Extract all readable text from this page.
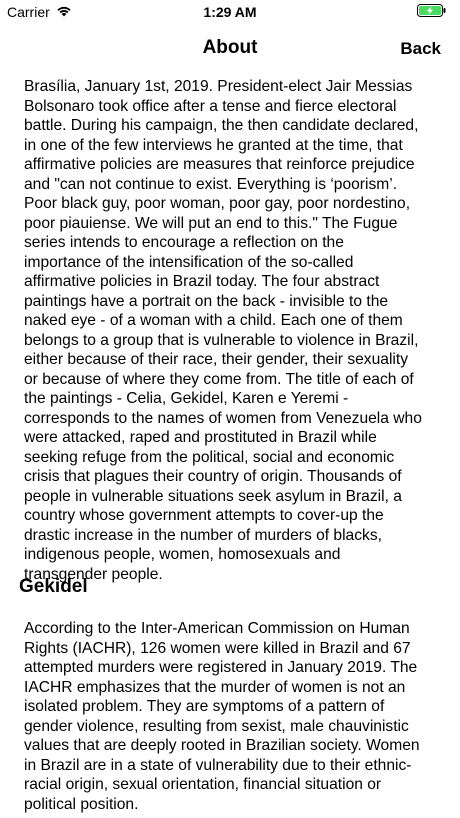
Carrier	1:29 AM
About	Back

Brasília, January 1st, 2019. President-elect Jair Messias
Bolsonaro took office after a tense and fierce electoral
battle. During his campaign, the then candidate declared,
in one of the few interviews he granted at the time, that
affirmative policies are measures that reinforce prejudice
and "can not continue to exist. Everything is ‘poorism’.
Poor black guy, poor woman, poor gay, poor nordestino,
poor piauiense. We will put an end to this." The Fugue
series intends to encourage a reflection on the
importance of the intensification of the so-called
affirmative policies in Brazil today. The four abstract
paintings have a portrait on the back - invisible to the
naked eye - of a woman with a child. Each one of them
belongs to a group that is vulnerable to violence in Brazil,
either because of their race, their gender, their sexuality
or because of where they come from. The title of each of
the paintings - Celia, Gekidel, Karen e Yeremi -
corresponds to the names of women from Venezuela who
were attacked, raped and prostituted in Brazil while
seeking refuge from the political, social and economic
crisis that plagues their country of origin. Thousands of
people in vulnerable situations seek asylum in Brazil, a
country whose government attempts to cover-up the
drastic increase in the number of murders of blacks,
indigenous people, women, homosexuals and
transgender people.

Gekidel

According to the Inter-American Commission on Human
Rights (IACHR), 126 women were killed in Brazil and 67
attempted murders were registered in January 2019. The
IACHR emphasizes that the murder of women is not an
isolated problem. They are symptoms of a pattern of
gender violence, resulting from sexist, male chauvinistic
values that are deeply rooted in Brazilian society. Women
in Brazil are in a state of vulnerability due to their ethnic-
racial origin, sexual orientation, financial situation or
political position.
